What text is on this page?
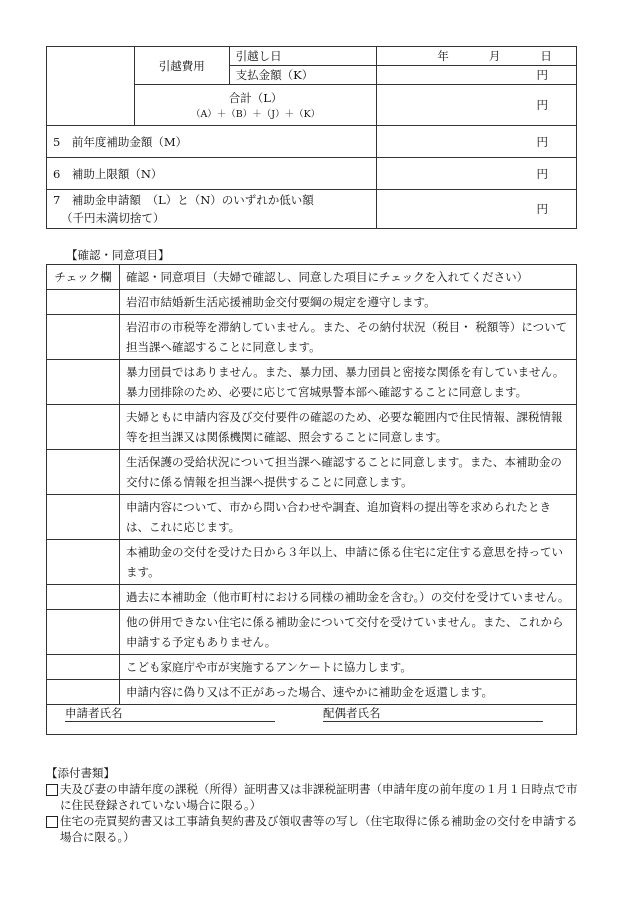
	引越費用	引越し日	年 月 日
		支払金額（K）	円

	合計（L）
（A）＋（B）＋（J）＋（K）		円

5　前年度補助金額（M）			円
6　補助上限額（N）			円

7　補助金申請額　（L）と（N）のいずれか低い額
（千円未満切捨て）			円
【確認・同意項目】
チェック欄	確認・同意項目（夫婦で確認し、同意した項目にチェックを入れてください）
	岩沼市結婚新生活応援補助金交付要綱の規定を遵守します。
	岩沼市の市税等を滞納していません。また、その納付状況（税目・ 税額等）について担当課へ確認することに同意します。
	暴力団員ではありません。また、暴力団、暴力団員と密接な関係を有していません。暴力団排除のため、必要に応じて宮城県警本部へ確認することに同意します。
	夫婦ともに申請内容及び交付要件の確認のため、必要な範囲内で住民情報、課税情報等を担当課又は関係機関に確認、照会することに同意します。
	生活保護の受給状況について担当課へ確認することに同意します。また、本補助金の交付に係る情報を担当課へ提供することに同意します。
	申請内容について、市から問い合わせや調査、追加資料の提出等を求められたときは、これに応じます。
	本補助金の交付を受けた日から３年以上、申請に係る住宅に定住する意思を持っています。
	過去に本補助金（他市町村における同様の補助金を含む。）の交付を受けていません。
	他の併用できない住宅に係る補助金について交付を受けていません。また、これから申請する予定もありません。
	こども家庭庁や市が実施するアンケートに協力します。
	申請内容に偽り又は不正があった場合、速やかに補助金を返還します。
申請者氏名	配偶者氏名
【添付書類】
夫及び妻の申請年度の課税（所得）証明書又は非課税証明書（申請年度の前年度の１月１日時点で市に住民登録されていない場合に限る。）
住宅の売買契約書又は工事請負契約書及び領収書等の写し（住宅取得に係る補助金の交付を申請する場合に限る。）
